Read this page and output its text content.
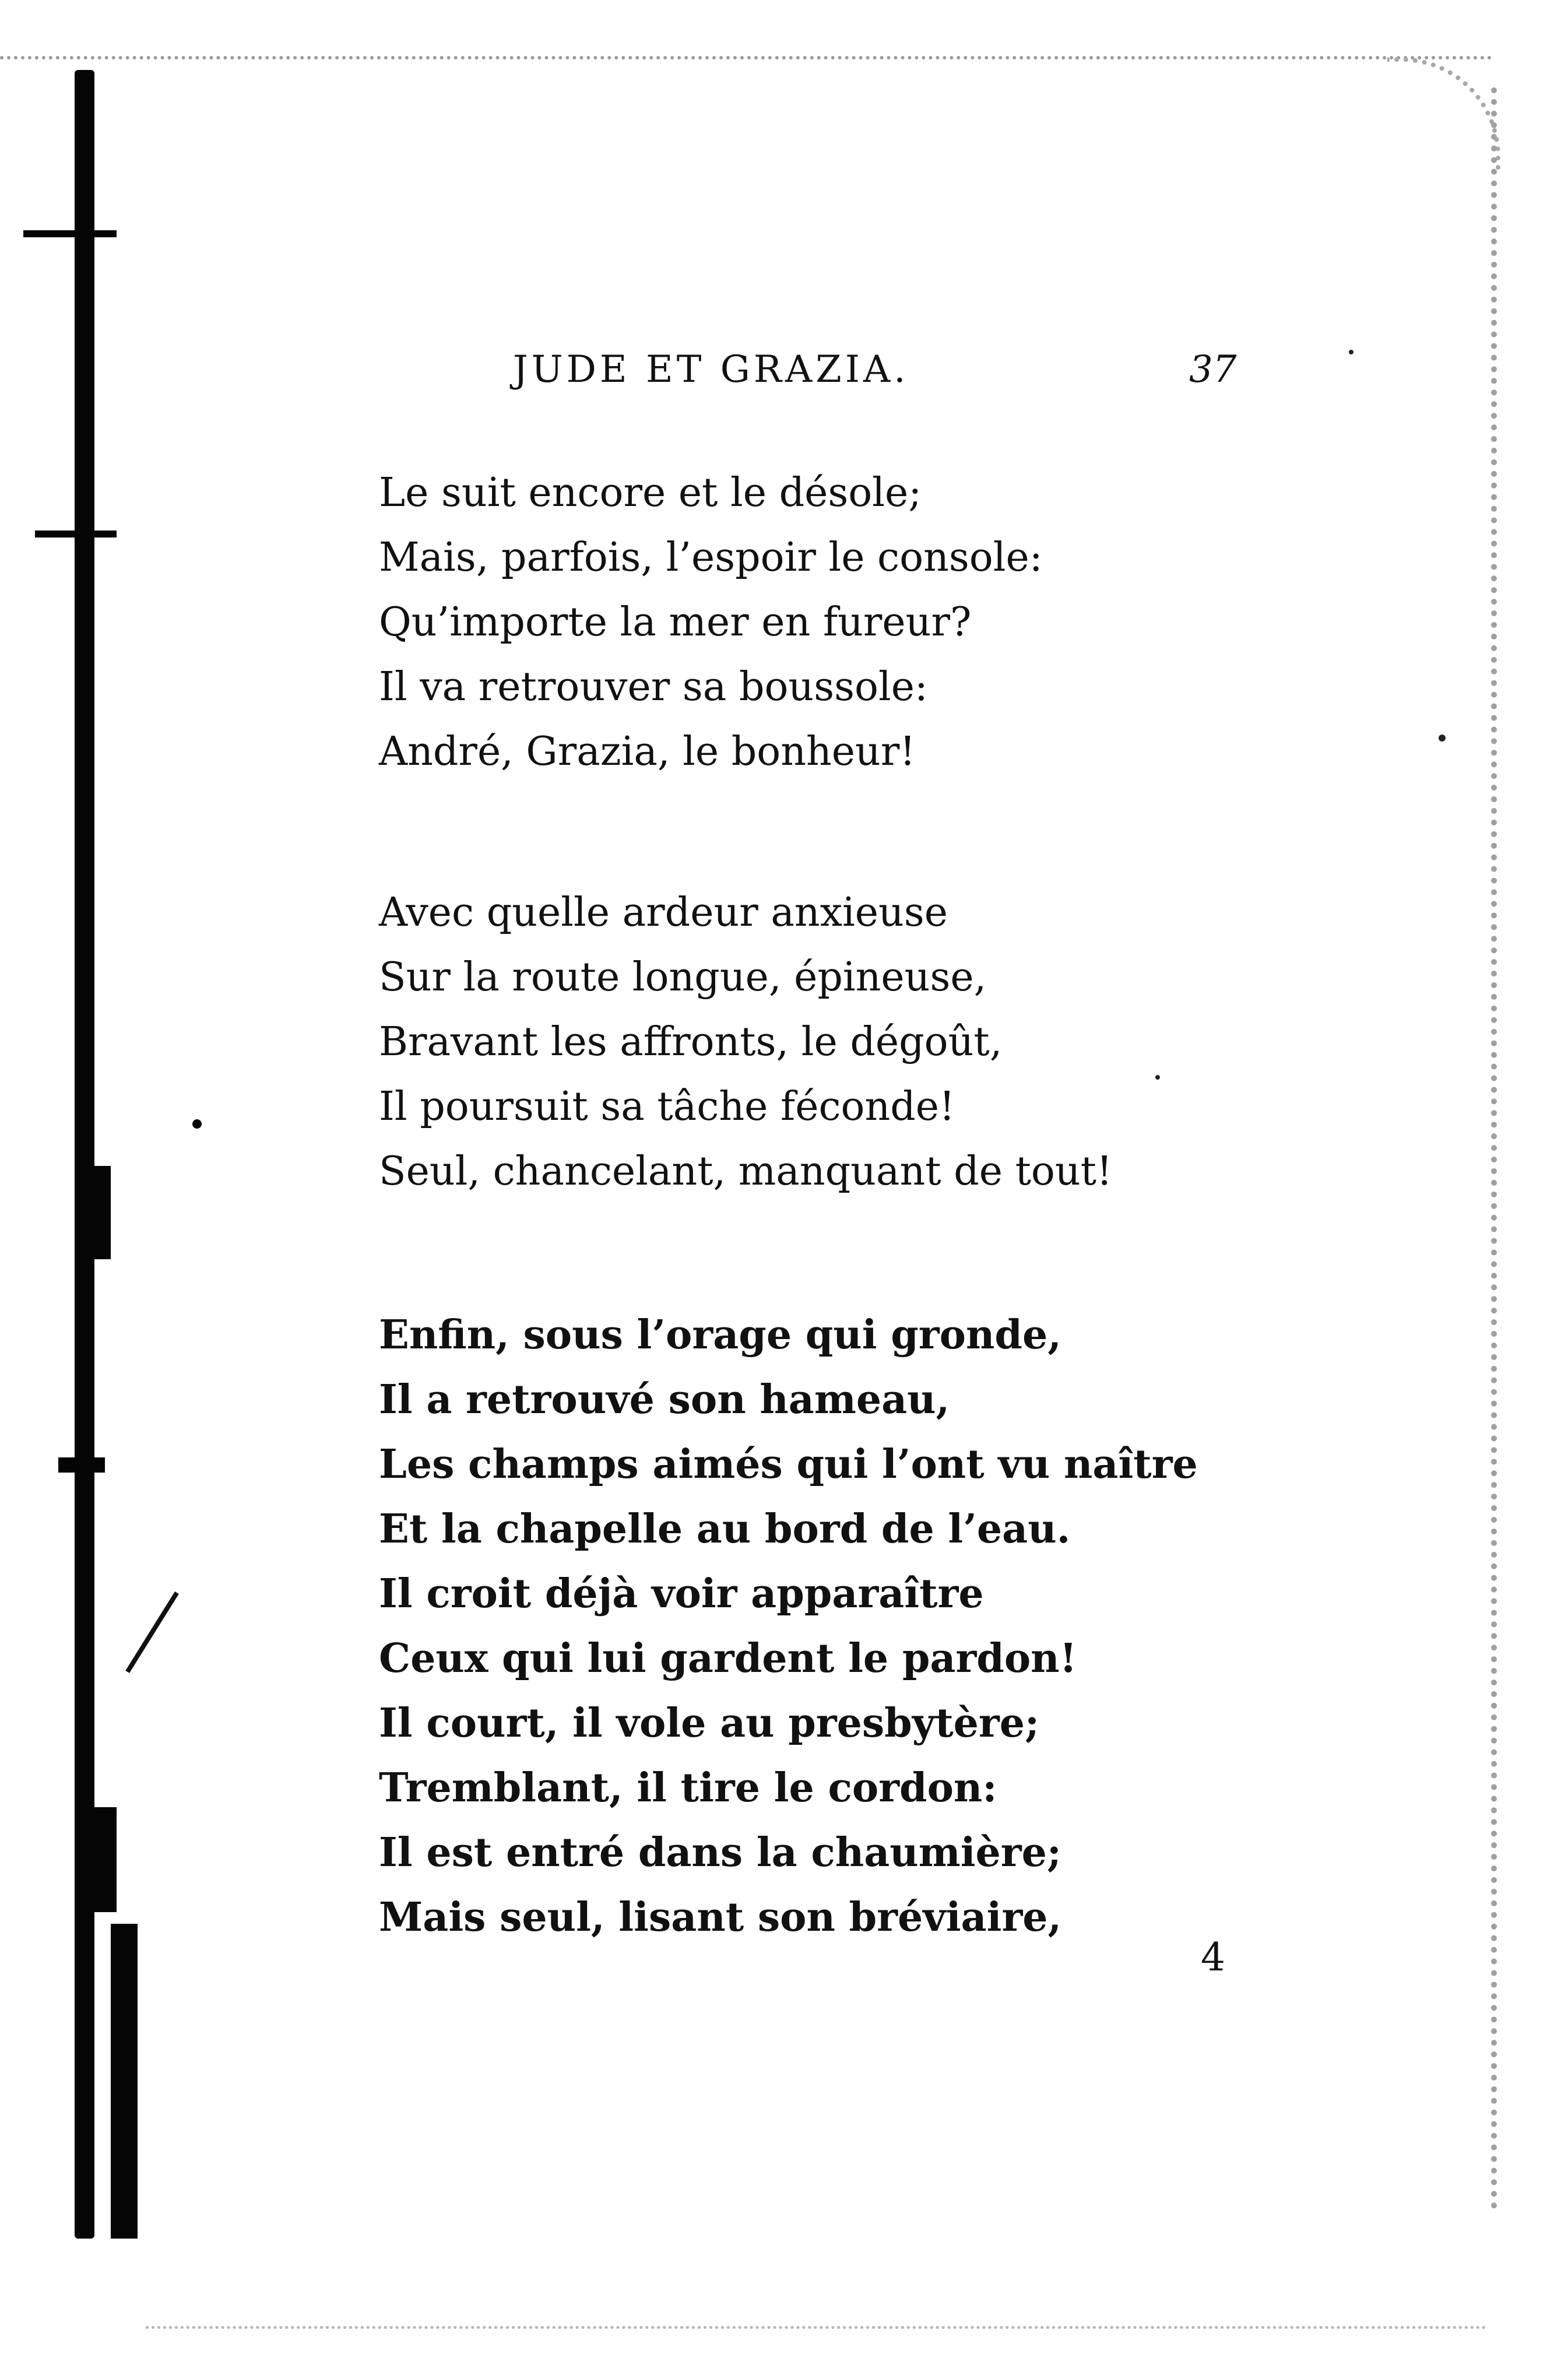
JUDE ET GRAZIA.	37
Le suit encore et le désole;
Mais, parfois, l’espoir le console:
Qu’importe la mer en fureur?
Il va retrouver sa boussole:
André, Grazia, le bonheur!
Avec quelle ardeur anxieuse
Sur la route longue, épineuse,
Bravant les affronts, le dégoût,
Il poursuit sa tâche féconde!
Seul, chancelant, manquant de tout!
Enfin, sous l’orage qui gronde,
Il a retrouvé son hameau,
Les champs aimés qui l’ont vu naître
Et la chapelle au bord de l’eau.
Il croit déjà voir apparaître
Ceux qui lui gardent le pardon!
Il court, il vole au presbytère;
Tremblant, il tire le cordon:
Il est entré dans la chaumière;
Mais seul, lisant son bréviaire,
4
